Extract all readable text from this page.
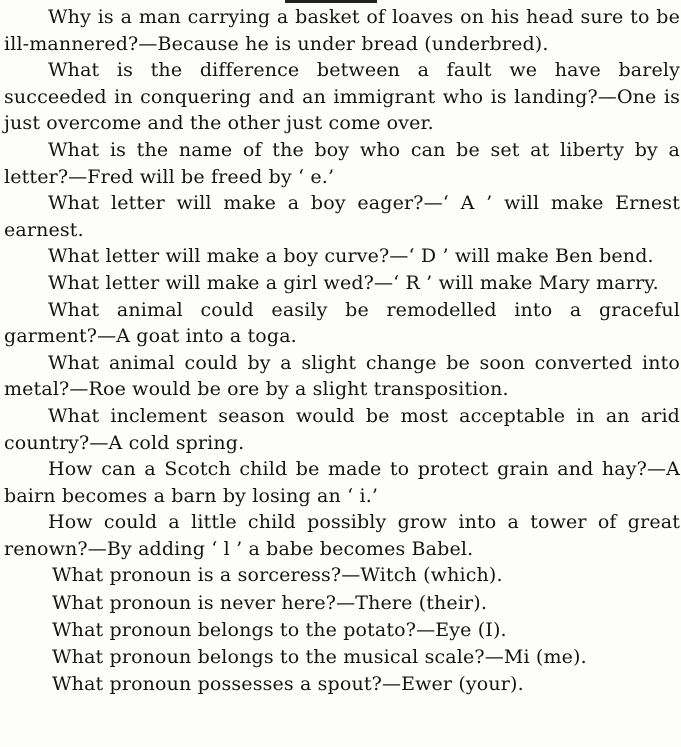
Why is a man carrying a basket of loaves on his head sure to be ill-mannered?—Because he is under bread (underbred).

What is the difference between a fault we have barely succeeded in conquering and an immigrant who is landing?—One is just overcome and the other just come over.

What is the name of the boy who can be set at liberty by a letter?—Fred will be freed by ‘ e.’

What letter will make a boy eager?—‘ A ’ will make Ernest earnest.

What letter will make a boy curve?—‘ D ’ will make Ben bend.

What letter will make a girl wed?—‘ R ’ will make Mary marry.

What animal could easily be remodelled into a graceful garment?—A goat into a toga.

What animal could by a slight change be soon converted into metal?—Roe would be ore by a slight transposition.

What inclement season would be most acceptable in an arid country?—A cold spring.

How can a Scotch child be made to protect grain and hay?—A bairn becomes a barn by losing an ‘ i.’

How could a little child possibly grow into a tower of great renown?—By adding ‘ l ’ a babe becomes Babel.

What pronoun is a sorceress?—Witch (which).

What pronoun is never here?—There (their).

What pronoun belongs to the potato?—Eye (I).

What pronoun belongs to the musical scale?—Mi (me).

What pronoun possesses a spout?—Ewer (your).
